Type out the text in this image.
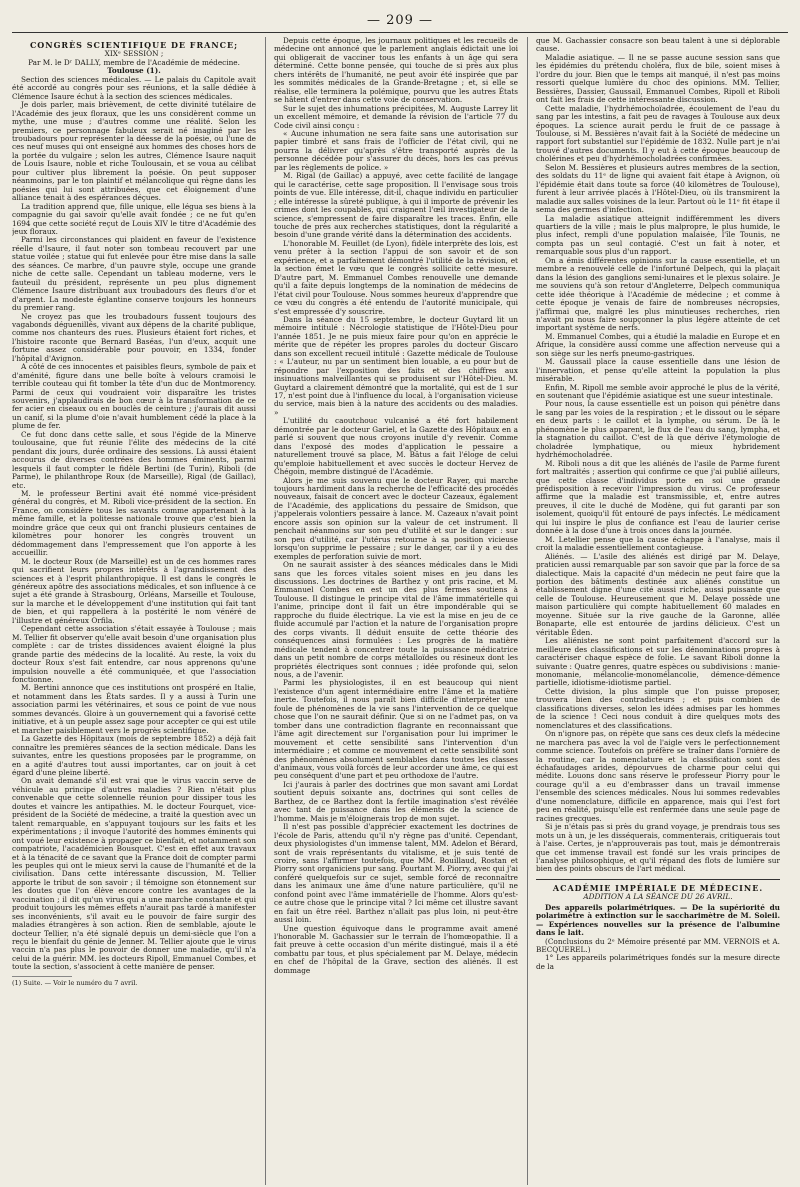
— 209 —
CONGRÈS SCIENTIFIQUE DE FRANCE;
XIXᵉ SESSION ;
Par M. le Dʳ DALLY, membre de l'Académie de médecine.
Toulouse (1).

Section des sciences médicales. — Le palais du Capitole avait été accordé au congrès pour ses réunions, et la salle dédiée à Clémence Isaure échut à la section des sciences médicales.

Je dois parler, mais brièvement, de cette divinité tutélaire de l'Académie des jeux floraux, que les uns considèrent comme un mythe, une muse ; d'autres comme une réalité. Selon les premiers, ce personnage fabuleux serait né imaginé par les troubadours pour représenter la déesse de la poésie, ou l'une de ces neuf muses qui ont enseigné aux hommes des choses hors de la portée du vulgaire ; selon les autres, Clémence Isaure naquit de Louis Isaure, noble et riche Toulousain, et se voua au célibat pour cultiver plus librement la poésie. On peut supposer néanmoins, par le ton plaintif et mélancolique qui règne dans les poésies qui lui sont attribuées, que cet éloignement d'une alliance tenait à des espérances déçues.

La tradition apprend que, fille unique, elle légua ses biens à la compagnie du gai savoir qu'elle avait fondée ; ce ne fut qu'en 1694 que cette société reçut de Louis XIV le titre d'Académie des jeux floraux.

Parmi les circonstances qui plaident en faveur de l'existence réelle d'Isaure, il faut noter son tombeau recouvert par une statue voilée ; statue qui fut enlevée pour être mise dans la salle des séances. Ce marbre, d'un pauvre style, occupe une grande niche de cette salle. Cependant un tableau moderne, vers le fauteuil du président, représente un peu plus dignement Clémence Isaure distribuant aux troubadours des fleurs d'or et d'argent. La modeste églantine conserve toujours les honneurs du premier rang.

Ne croyez pas que les troubadours fussent toujours des vagabonds déguenillés, vivant aux dépens de la charité publique, comme nos chanteurs des rues. Plusieurs étaient fort riches, et l'histoire raconte que Bernard Baséas, l'un d'eux, acquit une fortune assez considérable pour pouvoir, en 1334, fonder l'hôpital d'Avignon.

A côté de ces innocentes et paisibles fleurs, symbole de paix et d'aménité, figure dans une belle boîte à velours cramoisi le terrible couteau qui fit tomber la tête d'un duc de Montmorency. Parmi de ceux qui voudraient voir disparaître les tristes souvenirs, j'applaudirais de bon cœur à la transformation de ce fer acier en ciseaux ou en bouclès de ceinture ; j'aurais dit aussi un canif, si la plume d'oie n'avait humblement cédé la place à la plume de fer.

Ce fut donc dans cette salle, et sous l'égide de la Minerve toulousaine, que fut réunie l'élite des médecins de la cité pendant dix jours, durée ordinaire des sessions. Là aussi étaient accourus de diverses contrées des hommes éminents, parmi lesquels il faut compter le fidèle Bertini (de Turin), Riboli (de Parme), le philanthrope Roux (de Marseille), Rigal (de Gaillac), etc.

M. le professeur Bertini avait été nommé vice-président général du congrès, et M. Riboli vice-président de la section. En France, on considère tous les savants comme appartenant à la même famille, et la politesse nationale trouve que c'est bien la moindre grâce que ceux qui ont franchi plusieurs centaines de kilomètres pour honorer les congrès trouvent un dédommagement dans l'empressement que l'on apporte à les accueillir.

M. le docteur Roux (de Marseille) est un de ces hommes rares qui sacrifient leurs propres intérêts à l'agrandissement des sciences et à l'esprit philanthropique. Il est dans le congrès le généreux apôtre des associations médicales, et son influence à ce sujet a été grande à Strasbourg, Orléans, Marseille et Toulouse, sur la marche et le développement d'une institution qui fait tant de bien, et qui rappellera à la postérité le nom vénéré de l'illustre et généreux Orfila.

Cependant cette association s'était essayée à Toulouse ; mais M. Tellier fit observer qu'elle avait besoin d'une organisation plus complète : car de tristes dissidences avaient éloigné la plus grande partie des médecins de la localité. Au reste, la voix du docteur Roux s'est fait entendre, car nous apprenons qu'une impulsion nouvelle a été communiquée, et que l'association fonctionne.

M. Bertini annonce que ces institutions ont prospéré en Italie, et notamment dans les États sardes. Il y a aussi à Turin une association parmi les vétérinaires, et sous ce point de vue nous sommes devancés. Gloire à un gouvernement qui a favorisé cette initiative, et à un peuple assez sage pour accepter ce qui est utile et marcher paisiblement vers le progrès scientifique.

La Gazette des Hôpitaux (mois de septembre 1852) a déjà fait connaître les premières séances de la section médicale. Dans les suivantes, entre les questions proposées par le programme, on en a agité d'autres tout aussi importantes, car on jouit à cet égard d'une pleine liberté.

On avait demandé s'il est vrai que le virus vaccin serve de véhicule au principe d'autres maladies ? Rien n'était plus convenable que cette solennelle réunion pour dissiper tous les doutes et vaincre les antipathies. M. le docteur Fourquet, vice-président de la Société de médecine, a traité la question avec un talent remarquable, en s'appuyant toujours sur les faits et les expérimentations ; il invoque l'autorité des hommes éminents qui ont voué leur existence à propager ce bienfait, et notamment son compatriote, l'académicien Bousquet. C'est en effet aux travaux et à la ténacité de ce savant que la France doit de compter parmi les peuples qui ont le mieux servi la cause de l'humanité et de la civilisation. Dans cette intéressante discussion, M. Tellier apporte le tribut de son savoir ; il témoigne son étonnement sur les doutes que l'on élève encore contre les avantages de la vaccination ; il dit qu'un virus qui a une marche constante et qui produit toujours les mêmes effets n'aurait pas tardé à manifester ses inconvénients, s'il avait eu le pouvoir de faire surgir des maladies étrangères à son action. Rien de semblable, ajoute le docteur Tellier, n'a été signalé depuis un demi-siècle que l'on a reçu le bienfait du génie de Jenner. M. Tellier ajoute que le virus vaccin n'a pas plus le pouvoir de donner une maladie, qu'il n'a celui de la guérir. MM. les docteurs Ripoll, Emmanuel Combes, et toute la section, s'associent à cette manière de penser.

(1) Suite. — Voir le numéro du 7 avril.

Depuis cette époque, les journaux politiques et les recueils de médecine ont annoncé que le parlement anglais édictait une loi qui obligerait de vacciner tous les enfants à un âge qui sera déterminé. Cette bonne pensée, qui touche de si près aux plus chers intérêts de l'humanité, ne peut avoir été inspirée que par les sommités médicales de la Grande-Bretagne ; et, si elle se réalise, elle terminera la polémique, pourvu que les autres États se hâtent d'entrer dans cette voie de conservation.

Sur le sujet des inhumations précipitées, M. Auguste Larrey lit un excellent mémoire, et demande la révision de l'article 77 du Code civil ainsi conçu :

« Aucune inhumation ne sera faite sans une autorisation sur papier timbré et sans frais de l'officier de l'état civil, qui ne pourra la délivrer qu'après s'être transporté auprès de la personne décédée pour s'assurer du décès, hors les cas prévus par les règlements de police. »

M. Rigal (de Gaillac) a appuyé, avec cette facilité de langage qui le caractérise, cette sage proposition. Il l'envisage sous trois points de vue. Elle intéresse, dit-il, chaque individu en particulier ; elle intéresse la sûreté publique, à qui il importe de prévenir les crimes dont les coupables, qui craignent l'œil investigateur de la science, s'empressent de faire disparaître les traces. Enfin, elle touche de près aux recherches statistiques, dont la régularité a besoin d'une grande vérité dans la détermination des accidents.

L'honorable M. Feuillet (de Lyon), fidèle interprète des lois, est venu prêter à la section l'appui de son savoir et de son expérience, et a parfaitement démontré l'utilité de la révision, et la section émet le vœu que le congrès sollicite cette mesure. D'autre part, M. Emmanuel Combes renouvelle une demande qu'il a faite depuis longtemps de la nomination de médecins de l'état civil pour Toulouse. Nous sommes heureux d'apprendre que ce vœu du congrès a été entendu de l'autorité municipale, qui s'est empressée d'y souscrire.

Dans la séance du 15 septembre, le docteur Guytard lit un mémoire intitulé : Nécrologie statistique de l'Hôtel-Dieu pour l'année 1851. Je ne puis mieux faire pour qu'on en apprécie le mérite que de répéter les propres paroles du docteur Giscaro dans son excellent recueil intitulé : Gazette médicale de Toulouse : « L'auteur, nu par un sentiment bien louable, a eu pour but de répondre par l'exposition des faits et des chiffres aux insinuations malveillantes qui se produisent sur l'Hôtel-Dieu. M. Guytard a clairement démontré que la mortalité, qui est de 1 sur 17, n'est point due à l'influence du local, à l'organisation vicieuse du service, mais bien à la nature des accidents ou des maladies. »

L'utilité du caoutchouc vulcanisé a été fort habilement démontrée par le docteur Gariel, et la Gazette des Hôpitaux en a parlé si souvent que nous croyons inutile d'y revenir. Comme dans l'exposé des modes d'application le pessaire a naturellement trouvé sa place, M. Bâtus a fait l'éloge de celui qu'emploie habituellement et avec succès le docteur Hervez de Chégoin, membre distingué de l'Académie.

Alors je me suis souvenu que le docteur Rayer, qui marche toujours hardiment dans la recherche de l'efficacité des procédés nouveaux, faisait de concert avec le docteur Cazeaux, également de l'Académie, des applications du pessaire de Smidson, que j'appelerais volontiers pessaire à lance. M. Cazeaux n'avait point encore assis son opinion sur la valeur de cet instrument. Il penchait néanmoins sur son peu d'utilité et sur le danger : sur son peu d'utilité, car l'utérus retourne à sa position vicieuse lorsqu'on supprime le pessaire ; sur le danger, car il y a eu des exemples de perforation suivie de mort.

On ne saurait assister à des séances médicales dans le Midi sans que les forces vitales soient mises en jeu dans les discussions. Les doctrines de Barthez y ont pris racine, et M. Emmanuel Combes en est un des plus fermes soutiens à Toulouse. Il distingue le principe vital de l'âme immatérielle qui l'anime, principe dont il fait un être impondérable qui se rapproche du fluide électrique. La vie est la mise en jeu de ce fluide accumulé par l'action et la nature de l'organisation propre des corps vivants. Il déduit ensuite de cette théorie des conséquences ainsi formulées : Les progrès de la matière médicale tendent à concentrer toute la puissance médicatrice dans un petit nombre de corps métalloïdes ou résineux dont les propriétés électriques sont connues ; idée profonde qui, selon nous, a de l'avenir.

Parmi les physiologistes, il en est beaucoup qui nient l'existence d'un agent intermédiaire entre l'âme et la matière inerte. Toutefois, il nous paraît bien difficile d'interpréter une foule de phénomènes de la vie sans l'intervention de ce quelque chose que l'on ne saurait définir. Que si on ne l'admet pas, on va tomber dans une contradiction flagrante en reconnaissant que l'âme agit directement sur l'organisation pour lui imprimer le mouvement et cette sensibilité sans l'intervention d'un intermédiaire ; et comme ce mouvement et cette sensibilité sont des phénomènes absolument semblables dans toutes les classes d'animaux, vous voilà forcés de leur accorder une âme, ce qui est peu conséquent d'une part et peu orthodoxe de l'autre.

Ici j'aurais à parler des doctrines que mon savant ami Lordat soutient depuis soixante ans, doctrines qui sont celles de Barthez, de ce Barthez dont la fertile imagination s'est révélée avec tant de puissance dans les éléments de la science de l'homme. Mais je m'éloignerais trop de mon sujet.

Il n'est pas possible d'apprécier exactement les doctrines de l'école de Paris, attendu qu'il n'y règne pas d'unité. Cependant, deux physiologistes d'un immense talent, MM. Adelon et Bérard, sont de vrais représentants du vitalisme, et je suis tenté de croire, sans l'affirmer toutefois, que MM. Bouillaud, Rostan et Piorry sont organiciens pur sang. Pourtant M. Piorry, avec qui j'ai conféré quelquefois sur ce sujet, semble forcé de reconnaître dans les animaux une âme d'une nature particulière, qu'il ne confond point avec l'âme immatérielle de l'homme. Alors qu'est-ce autre chose que le principe vital ? Ici même cet illustre savant en fait un être réel. Barthez n'allait pas plus loin, ni peut-être aussi loin.

Une question équivoque dans le programme avait amené l'honorable M. Gachassier sur le terrain de l'homœopathie. Il a fait preuve à cette occasion d'un mérite distingué, mais il a été combattu par tous, et plus spécialement par M. Delaye, médecin en chef de l'hôpital de la Grave, section des aliénés. Il est dommage

que M. Gachassier consacre son beau talent à une si déplorable cause.

Maladie asiatique. — Il ne se passe aucune session sans que les épidémies du prétendu choléra, flux de bile, soient mises à l'ordre du jour. Bien que le temps ait manqué, il n'est pas moins ressorti quelque lumière du choc des opinions. MM. Tellier, Bessières, Dassier, Gaussail, Emmanuel Combes, Ripoll et Riboli ont fait les frais de cette intéressante discussion.

Cette maladie, l'hydrhémochoïadrée, écoulement de l'eau du sang par les intestins, a fait peu de ravages à Toulouse aux deux époques. La science aurait perdu le fruit de ce passage à Toulouse, si M. Bessières n'avait fait à la Société de médecine un rapport fort substantiel sur l'épidémie de 1832. Nulle part je n'ai trouvé d'autres documents. Il y eut à cette époque beaucoup de cholérines et peu d'hydrhémocholadrées confirmées.

Selon M. Bessières et plusieurs autres membres de la section, des soldats du 11ᵉ de ligne qui avaient fait étape à Avignon, où l'épidémie était dans toute sa force (40 kilomètres de Toulouse), furent à leur arrivée placés à l'Hôtel-Dieu, où ils transmirent la maladie aux salles voisines de la leur. Partout où le 11ᵉ fit étape il sema des germes d'infection.

La maladie asiatique atteignit indifféremment les divers quartiers de la ville ; mais le plus malpropre, le plus humide, le plus infect, rempli d'une population malaisée, l'île Tounis, ne compta pas un seul contagié. C'est un fait à noter, et remarquable sous plus d'un rapport.

On a émis différentes opinions sur la cause essentielle, et un membre a renouvelé celle de l'infortuné Delpech, qui la plaçait dans la lésion des ganglions semi-lunaires et le plexus solaire. Je me souviens qu'à son retour d'Angleterre, Delpech communiqua cette idée théorique à l'Académie de médecine ; et comme à cette époque je venais de faire de nombreuses nécropsies, j'affirmai que, malgré les plus minutieuses recherches, rien n'avait pu nous faire soupçonner la plus légère atteinte de cet important système de nerfs.

M. Emmanuel Combes, qui a étudié la maladie en Europe et en Afrique, la considère aussi comme une affection nerveuse qui a son siège sur les nerfs pneumo-gastriques.

M. Gaussail place la cause essentielle dans une lésion de l'innervation, et pense qu'elle atteint la population la plus misérable.

Enfin, M. Ripoll me semble avoir approché le plus de la vérité, en soutenant que l'épidémie asiatique est une sueur intestinale.

Pour nous, la cause essentielle est un poison qui pénètre dans le sang par les voies de la respiration ; et le dissout ou le sépare en deux parts : le caillot et la lymphe, ou sérum. De là le phénomène le plus apparent, le flux de l'eau du sang, lympha, et la stagnation du caillot. C'est de là que dérive l'étymologie de choladrée lymphatique, ou mieux hybridement hydrhémocholadrée.

M. Riboli nous a dit que les aliénés de l'asile de Parme furent fort maltraités ; assertion qui confirme ce que j'ai publié ailleurs, que cette classe d'individus porte en soi une grande prédisposition à recevoir l'impression du virus. Ce professeur affirme que la maladie est transmissible, et, entre autres preuves, il cite le duché de Modène, qui fut garanti par son isolement, quoiqu'il fût entouré de pays infectés. Le médicament qui lui inspire le plus de confiance est l'eau de laurier cerise donnée à la dose d'une à trois onces dans la journée.

M. Letellier pense que la cause échappe à l'analyse, mais il croit la maladie essentiellement contagieuse.

Aliénés. — L'asile des aliénés est dirigé par M. Delaye, praticien aussi remarquable par son savoir que par la force de sa dialectique. Mais la capacité d'un médecin ne peut faire que la portion des bâtiments destinée aux aliénés constitue un établissement digne d'une cité aussi riche, aussi puissante que celle de Toulouse. Heureusement que M. Delaye possède une maison particulière qui compte habituellement 60 malades en moyenne. Située sur la rive gauche de la Garonne, allée Bonaparte, elle est entourée de jardins délicieux. C'est un véritable Éden.

Les aliénistes ne sont point parfaitement d'accord sur la meilleure des classifications et sur les dénominations propres à caractériser chaque espèce de folie. Le savant Riboli donne la suivante : Quatre genres, quatre espèces ou subdivisions : manie-monomanie, mélancolie-monomélancolie, démence-démence partielle, idiotisme-idiotisme partiel.

Cette division, la plus simple que l'on puisse proposer, trouvera bien des contradicteurs ; et puis combien de classifications diverses, selon les idées admises par les hommes de la science ! Ceci nous conduit à dire quelques mots des nomenclatures et des classifications.

On n'ignore pas, on répète que sans ces deux clefs la médecine ne marchera pas avec la vol de l'aigle vers le perfectionnement comme science. Toutefois on préfère se traîner dans l'ornière de la routine, car la nomenclature et la classification sont des échafaudages arides, dépourvues de charme pour celui qui médite. Louons donc sans réserve le professeur Piorry pour le courage qu'il a eu d'embrasser dans un travail immense l'ensemble des sciences médicales. Nous lui sommes redevables d'une nomenclature, difficile en apparence, mais qui l'est fort peu en réalité, puisqu'elle est renfermée dans une seule page de racines grecques.

Si je n'étais pas si près du grand voyage, je prendrais tous ses mots un à un, je les disséquerais, commenterais, critiquerais tout à l'aise. Certes, je n'approuverais pas tout, mais je démontrerais que cet immense travail est fondé sur les vrais principes de l'analyse philosophique, et qu'il répand des flots de lumière sur bien des points obscurs de l'art médical.

ACADÉMIE IMPÉRIALE DE MÉDECINE.
ADDITION A LA SÉANCE DU 26 AVRIL.

Des appareils polarimétriques. — De la supériorité du polarimètre à extinction sur le saccharimètre de M. Soleil. — Expériences nouvelles sur la présence de l'albumine dans le lait.

(Conclusions du 2ᵉ Mémoire présenté par MM. VERNOIS et A. BECQUEREL.)

1° Les appareils polarimétriques fondés sur la mesure directe de la
